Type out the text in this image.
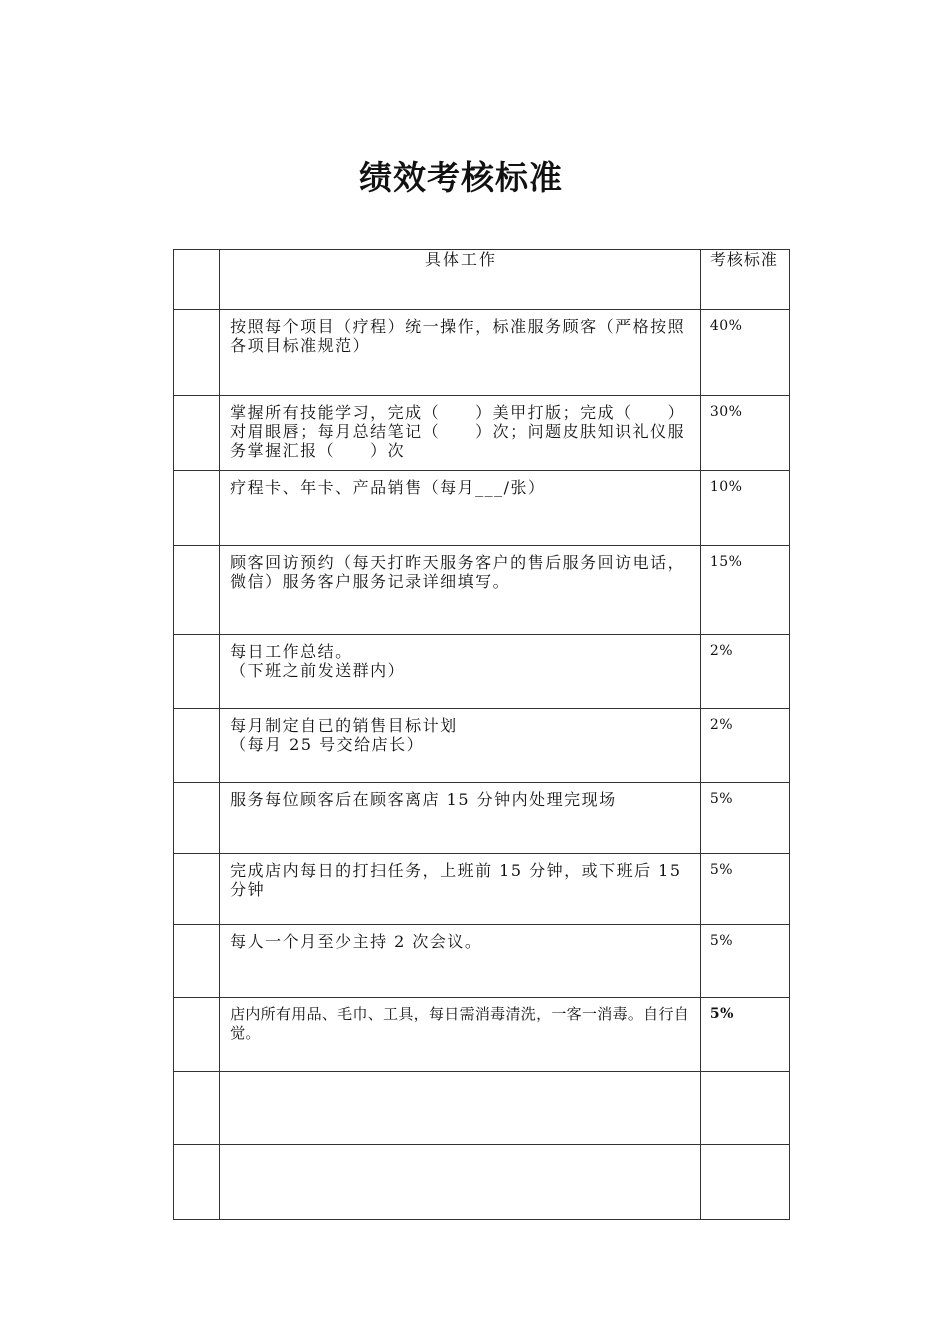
绩效考核标准

	具体工作	考核标准

	按照每个项目（疗程）统一操作，标准服务顾客（严格按照各项目标准规范）	40%

	掌握所有技能学习，完成（　　）美甲打版；完成（　　）对眉眼唇；每月总结笔记（　　）次；问题皮肤知识礼仪服务掌握汇报（　　）次	30%

	疗程卡、年卡、产品销售（每月___/张）	10%

	顾客回访预约（每天打昨天服务客户的售后服务回访电话，微信）服务客户服务记录详细填写。	15%

	每日工作总结。
（下班之前发送群内）	2%

	每月制定自已的销售目标计划
（每月 25 号交给店长）	2%

	服务每位顾客后在顾客离店 15 分钟内处理完现场	5%

	完成店内每日的打扫任务，上班前 15 分钟，或下班后 15 分钟	5%

	每人一个月至少主持 2 次会议。	5%

	店内所有用品、毛巾、工具，每日需消毒清洗，一客一消毒。自行自觉。	5%
